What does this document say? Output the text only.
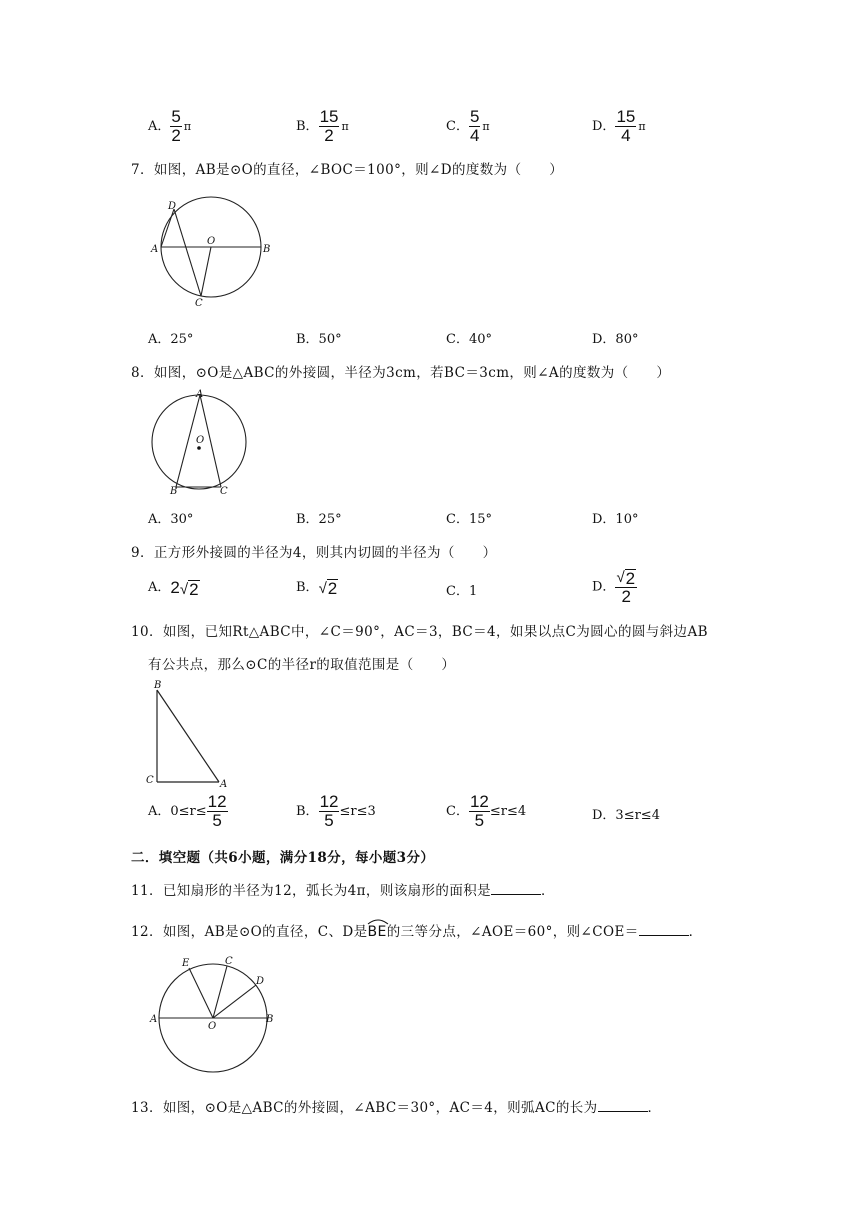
A． $\frac{5}{2}$ π	B． $\frac{15}{2}$ π	C． $\frac{5}{4}$ π	D． $\frac{15}{4}$ π
7．如图，AB是⊙O的直径，∠BOC＝100°，则∠D的度数为（　　）
D
A
O
B
C
A．25°	B．50°	C．40°	D．80°
8．如图，⊙O是△ABC的外接圆，半径为3cm，若BC＝3cm，则∠A的度数为（　　）
A
O
B	C
A．30°	B．25°	C．15°	D．10°
9．正方形外接圆的半径为4，则其内切圆的半径为（　　）
A． 2 √ 2	B． √ 2	C．1	D． $\frac{√ 2}{2}$
10．如图，已知Rt△ABC中，∠C＝90°，AC＝3，BC＝4，如果以点C为圆心的圆与斜边AB
有公共点，那么⊙C的半径r的取值范围是（　　）
B
C	A
A．$0\le r\le \frac{12}{5}$	B． $\frac{12}{5} \le r\le 3$	C． $\frac{12}{5} \le r\le 4$	D．3≤r≤4
二．填空题（共6小题，满分18分，每小题3分）
11．已知扇形的半径为12，弧长为4π，则该扇形的面积是	．
12．如图，AB是⊙O的直径，C、D是
BE的三等分点，∠AOE＝60°，则∠COE＝	．
E	C
D
A
O
B
13．如图，⊙O是△ABC的外接圆，∠ABC＝30°，AC＝4，则弧AC的长为	．
